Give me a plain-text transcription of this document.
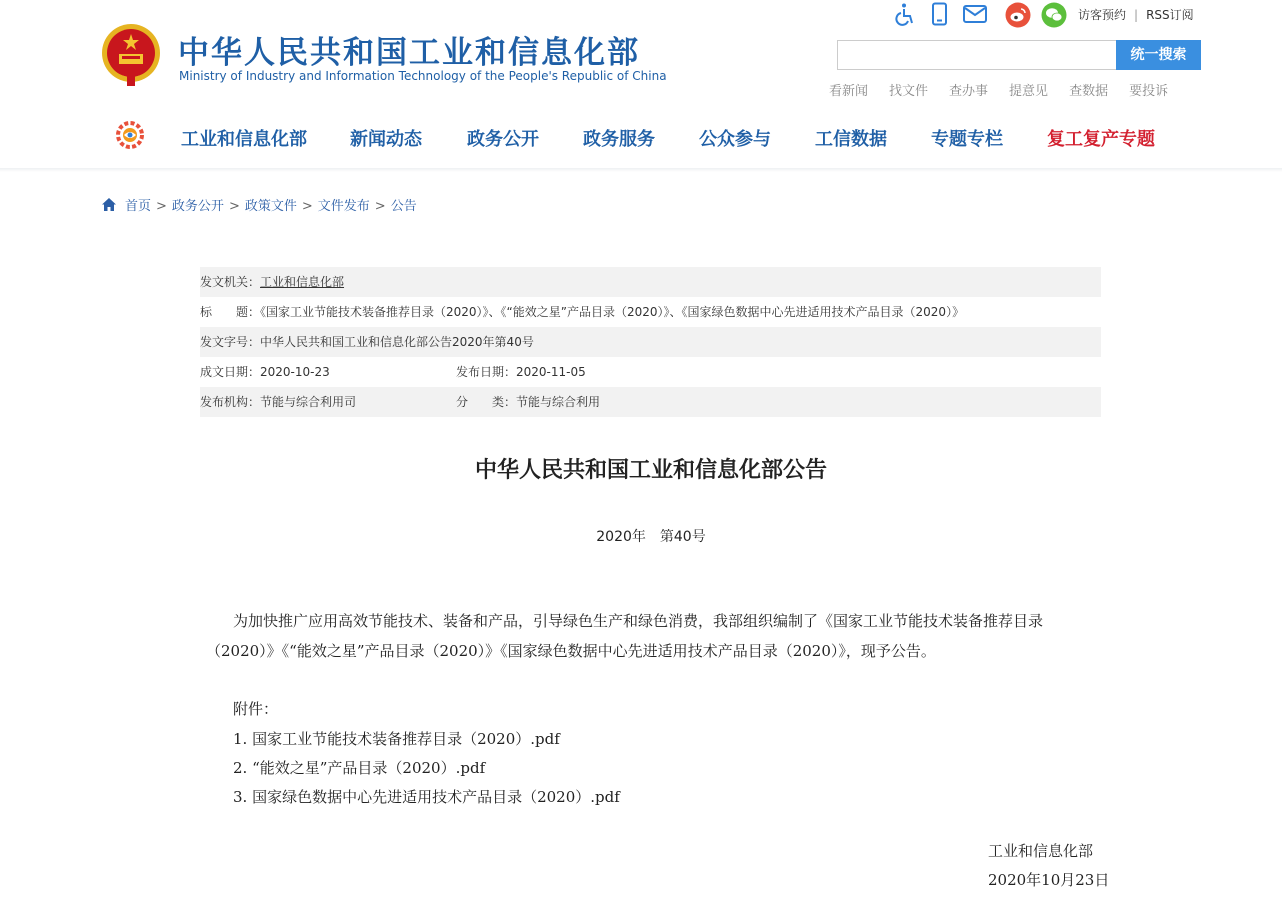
中华人民共和国工业和信息化部
Ministry of Industry and Information Technology of the People's Republic of China
访客预约 | RSS订阅
统一搜索
看新闻 找文件 查办事 提意见 查数据 要投诉
工业和信息化部 新闻动态	政务公开 政务服务 公众参与 工信数据 专题专栏 复工复产专题
首页 > 政务公开 > 政策文件 > 文件发布 > 公告
发文机关：工业和信息化部
标　　题：《国家工业节能技术装备推荐目录（2020）》、《“能效之星”产品目录（2020）》、《国家绿色数据中心先进适用技术产品目录（2020）》
发文字号：中华人民共和国工业和信息化部公告2020年第40号
成文日期：2020-10-23	发布日期：2020-11-05
发布机构：节能与综合利用司	分　　类：节能与综合利用
中华人民共和国工业和信息化部公告
2020年　第40号
为加快推广应用高效节能技术、装备和产品，引导绿色生产和绿色消费，我部组织编制了《国家工业节能技术装备推荐目录（2020）》《“能效之星”产品目录（2020）》《国家绿色数据中心先进适用技术产品目录（2020）》，现予公告。
附件：
1. 国家工业节能技术装备推荐目录（2020）.pdf
2. “能效之星”产品目录（2020）.pdf
3. 国家绿色数据中心先进适用技术产品目录（2020）.pdf
工业和信息化部
2020年10月23日
